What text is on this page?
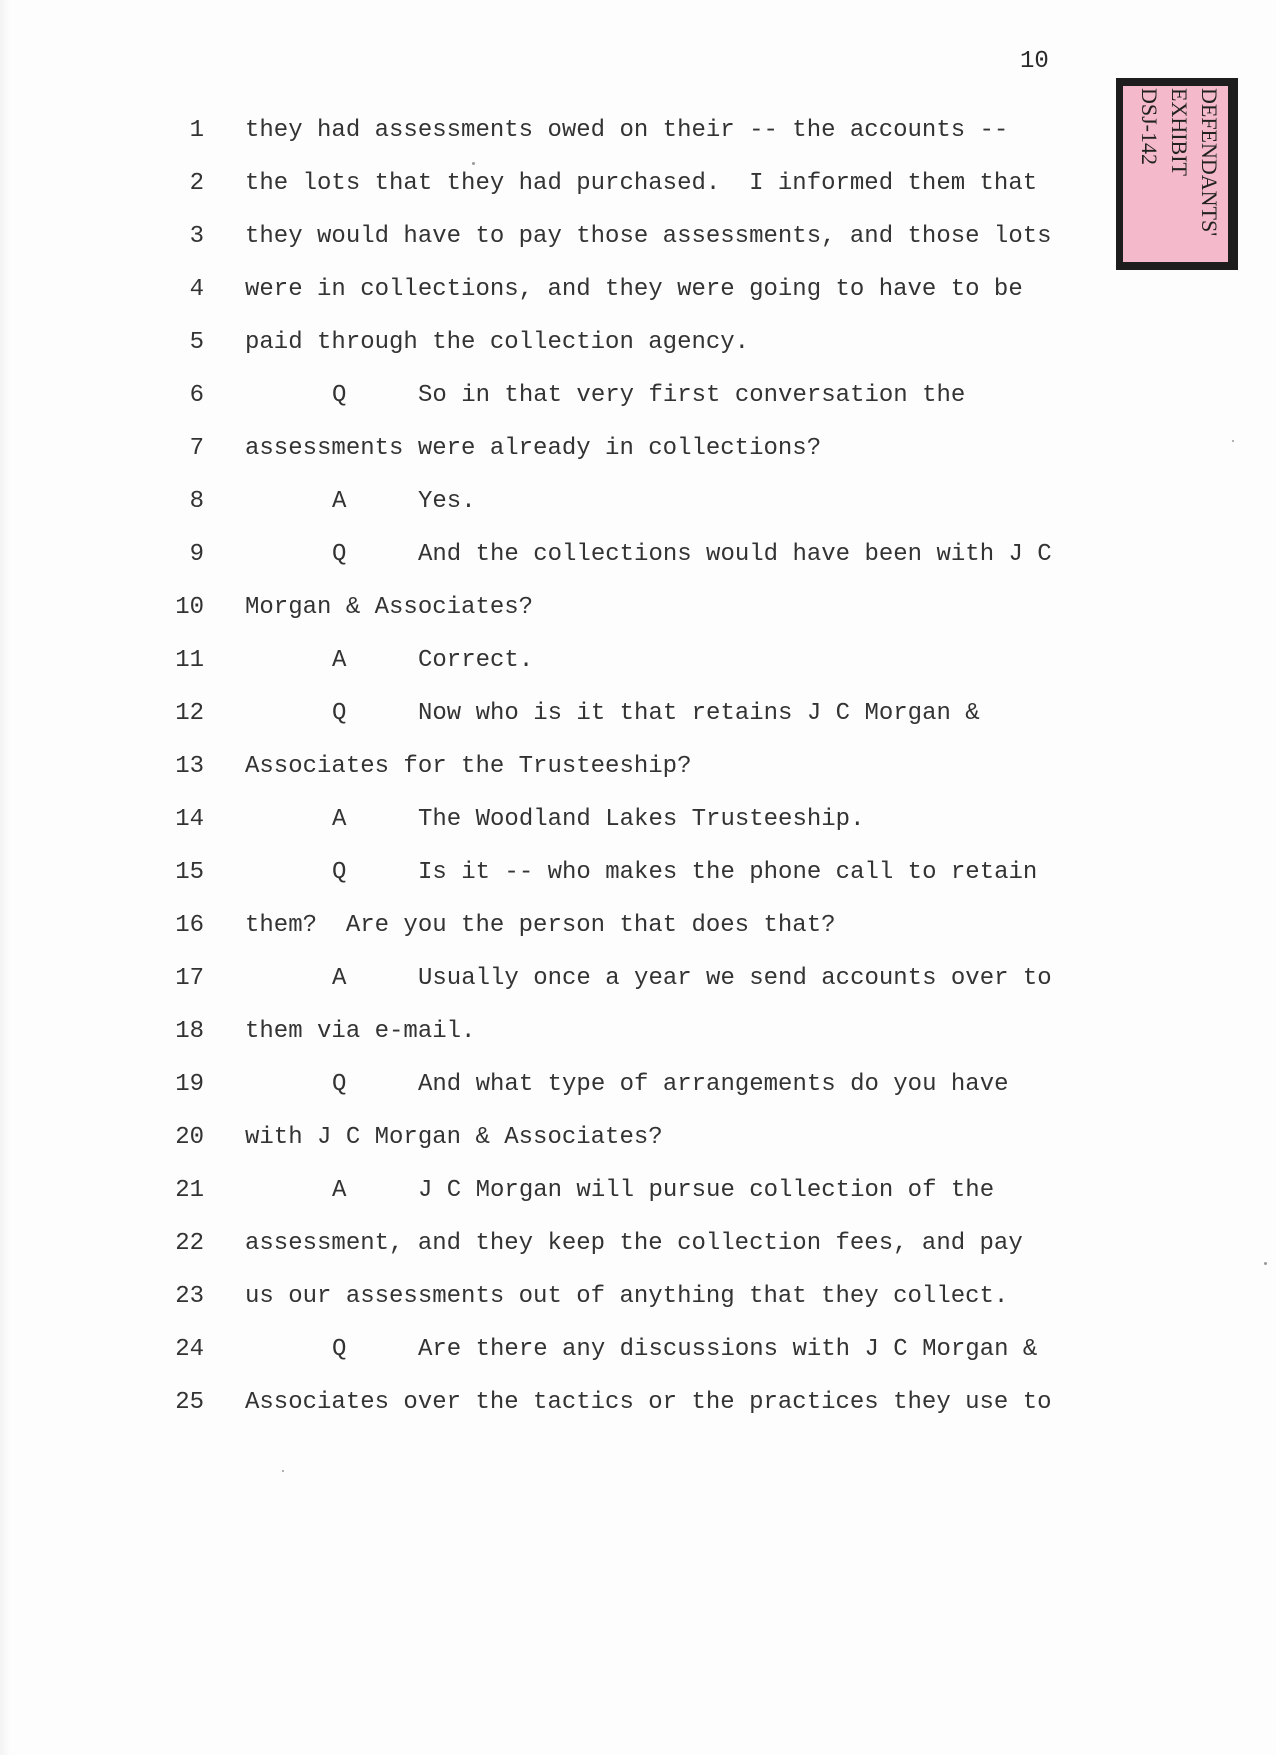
10
DEFENDANTS'
EXHIBIT
DSJ-142
1 they had assessments owed on their -- the accounts --
2 the lots that they had purchased.  I informed them that
3 they would have to pay those assessments, and those lots
4 were in collections, and they were going to have to be
5 paid through the collection agency.
6	Q	So in that very first conversation the
7 assessments were already in collections?
8	A	Yes.
9	Q	And the collections would have been with J C
10 Morgan & Associates?
11	A	Correct.
12	Q	Now who is it that retains J C Morgan &
13 Associates for the Trusteeship?
14	A	The Woodland Lakes Trusteeship.
15	Q	Is it -- who makes the phone call to retain
16 them?  Are you the person that does that?
17	A	Usually once a year we send accounts over to
18 them via e-mail.
19	Q	And what type of arrangements do you have
20 with J C Morgan & Associates?
21	A	J C Morgan will pursue collection of the
22 assessment, and they keep the collection fees, and pay
23 us our assessments out of anything that they collect.
24	Q	Are there any discussions with J C Morgan &
25 Associates over the tactics or the practices they use to
